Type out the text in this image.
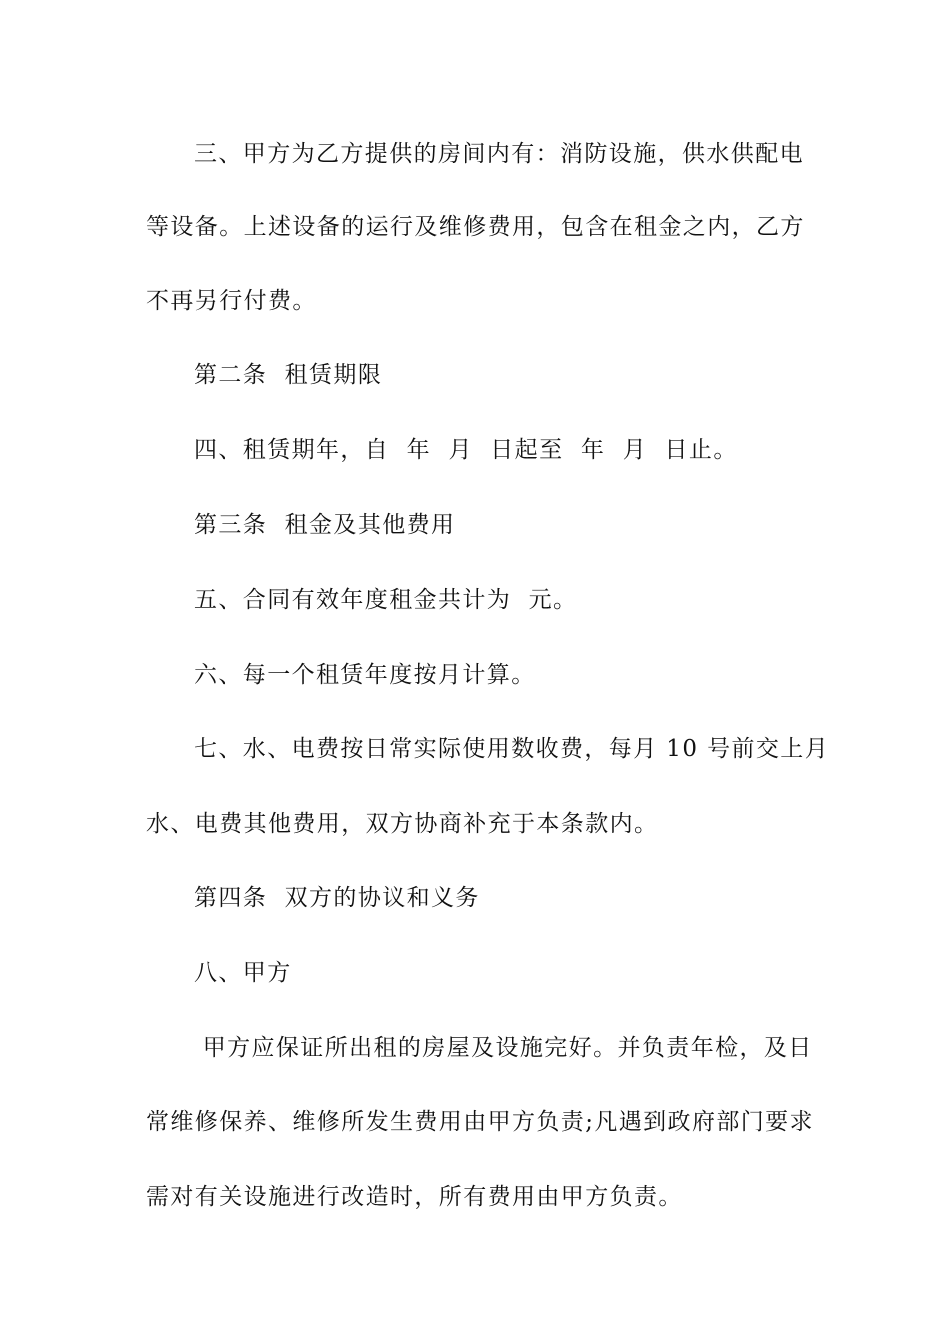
三、甲方为乙方提供的房间内有：消防设施，供水供配电
等设备。上述设备的运行及维修费用，包含在租金之内，乙方
不再另行付费。
第二条  租赁期限
四、租赁期年，自  年  月  日起至  年  月  日止。
第三条  租金及其他费用
五、合同有效年度租金共计为  元。
六、每一个租赁年度按月计算。
七、水、电费按日常实际使用数收费，每月 10 号前交上月
水、电费其他费用，双方协商补充于本条款内。
第四条  双方的协议和义务
八、甲方
甲方应保证所出租的房屋及设施完好。并负责年检，及日
常维修保养、维修所发生费用由甲方负责;凡遇到政府部门要求
需对有关设施进行改造时，所有费用由甲方负责。
